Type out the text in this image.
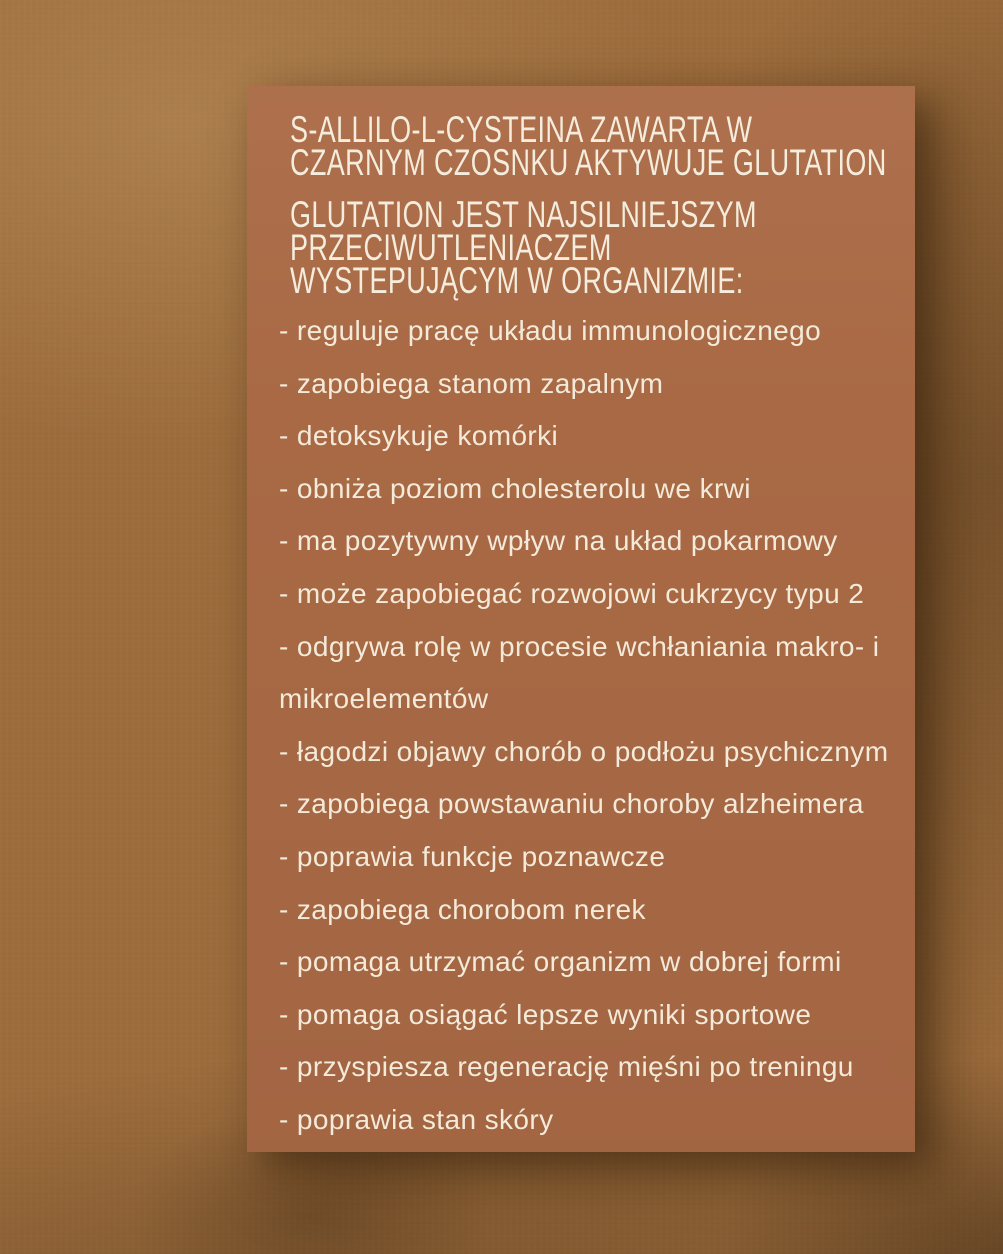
S-ALLILO-L-CYSTEINA ZAWARTA W
CZARNYM CZOSNKU AKTYWUJE GLUTATION
GLUTATION JEST NAJSILNIEJSZYM
PRZECIWUTLENIACZEM
WYSTEPUJĄCYM W ORGANIZMIE:
- reguluje pracę układu immunologicznego
- zapobiega stanom zapalnym
- detoksykuje komórki
- obniża poziom cholesterolu we krwi
- ma pozytywny wpływ na układ pokarmowy
- może zapobiegać rozwojowi cukrzycy typu 2
- odgrywa rolę w procesie wchłaniania makro- i
mikroelementów
- łagodzi objawy chorób o podłożu psychicznym
- zapobiega powstawaniu choroby alzheimera
- poprawia funkcje poznawcze
- zapobiega chorobom nerek
- pomaga utrzymać organizm w dobrej formi
- pomaga osiągać lepsze wyniki sportowe
- przyspiesza regenerację mięśni po treningu
- poprawia stan skóry
